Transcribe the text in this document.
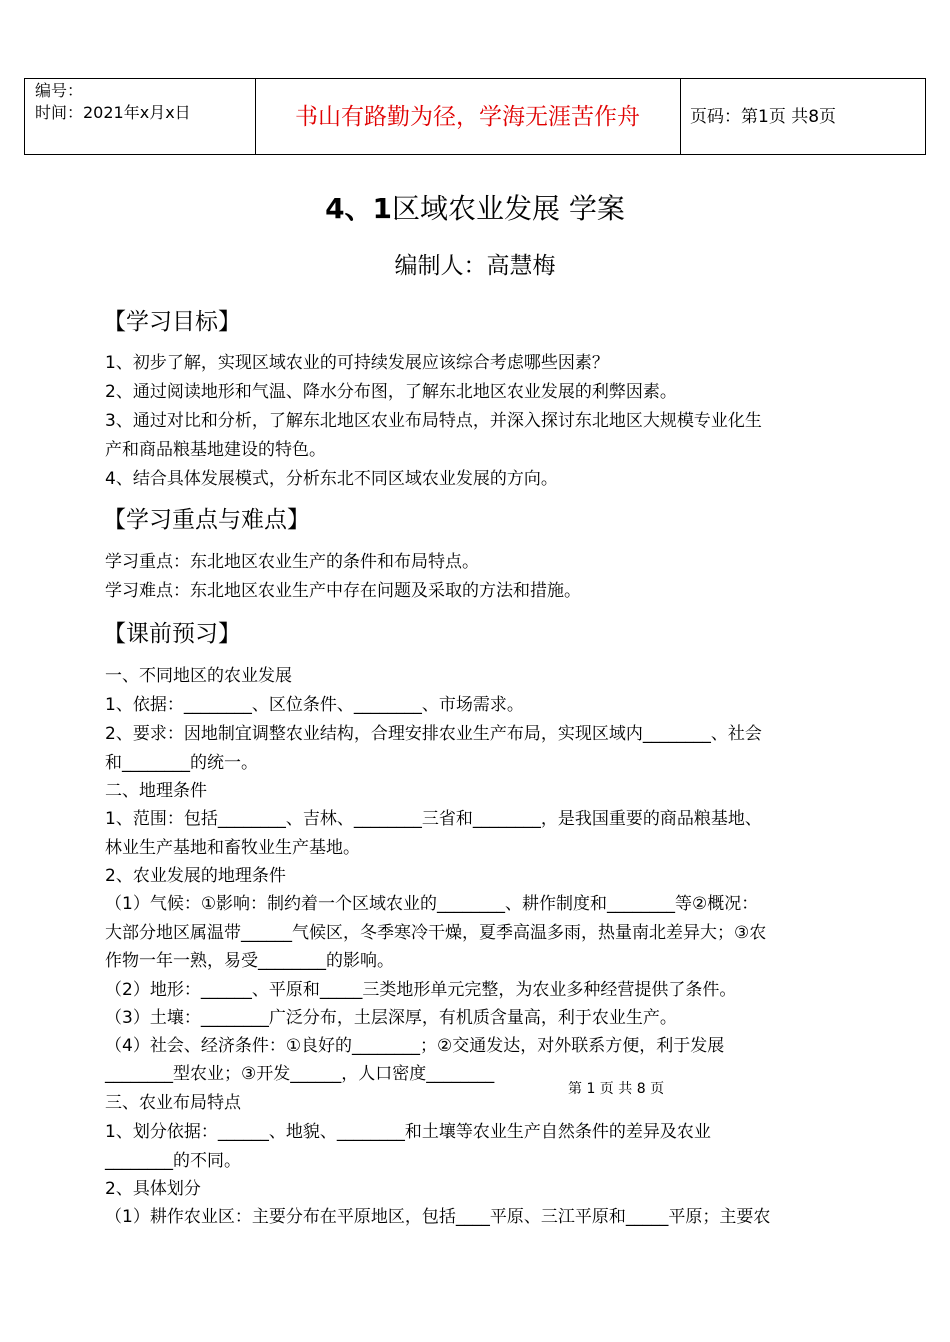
编号：
时间：2021年x月x日	书山有路勤为径，学海无涯苦作舟	页码：第1页 共8页
4、1区域农业发展 学案
编制人：高慧梅
【学习目标】
1、初步了解，实现区域农业的可持续发展应该综合考虑哪些因素？
2、通过阅读地形和气温、降水分布图，了解东北地区农业发展的利弊因素。
3、通过对比和分析，了解东北地区农业布局特点，并深入探讨东北地区大规模专业化生
产和商品粮基地建设的特色。
4、结合具体发展模式，分析东北不同区域农业发展的方向。
【学习重点与难点】
学习重点：东北地区农业生产的条件和布局特点。
学习难点：东北地区农业生产中存在问题及采取的方法和措施。
【课前预习】
一、不同地区的农业发展
1、依据：________、区位条件、________、市场需求。
2、要求：因地制宜调整农业结构，合理安排农业生产布局，实现区域内________、社会
和________的统一。
二、地理条件
1、范围：包括________、吉林、________三省和________，是我国重要的商品粮基地、
林业生产基地和畜牧业生产基地。
2、农业发展的地理条件
（1）气候：①影响：制约着一个区域农业的________、耕作制度和________等②概况：
大部分地区属温带______气候区，冬季寒冷干燥，夏季高温多雨，热量南北差异大；③农
作物一年一熟，易受________的影响。
（2）地形：______、平原和_____三类地形单元完整，为农业多种经营提供了条件。
（3）土壤：________广泛分布，土层深厚，有机质含量高，利于农业生产。
（4）社会、经济条件：①良好的________；②交通发达，对外联系方便，利于发展
________型农业；③开发______，人口密度________
第 1 页 共 8 页
三、农业布局特点
1、划分依据：______、地貌、________和土壤等农业生产自然条件的差异及农业
________的不同。
2、具体划分
（1）耕作农业区：主要分布在平原地区，包括____平原、三江平原和_____平原；主要农
